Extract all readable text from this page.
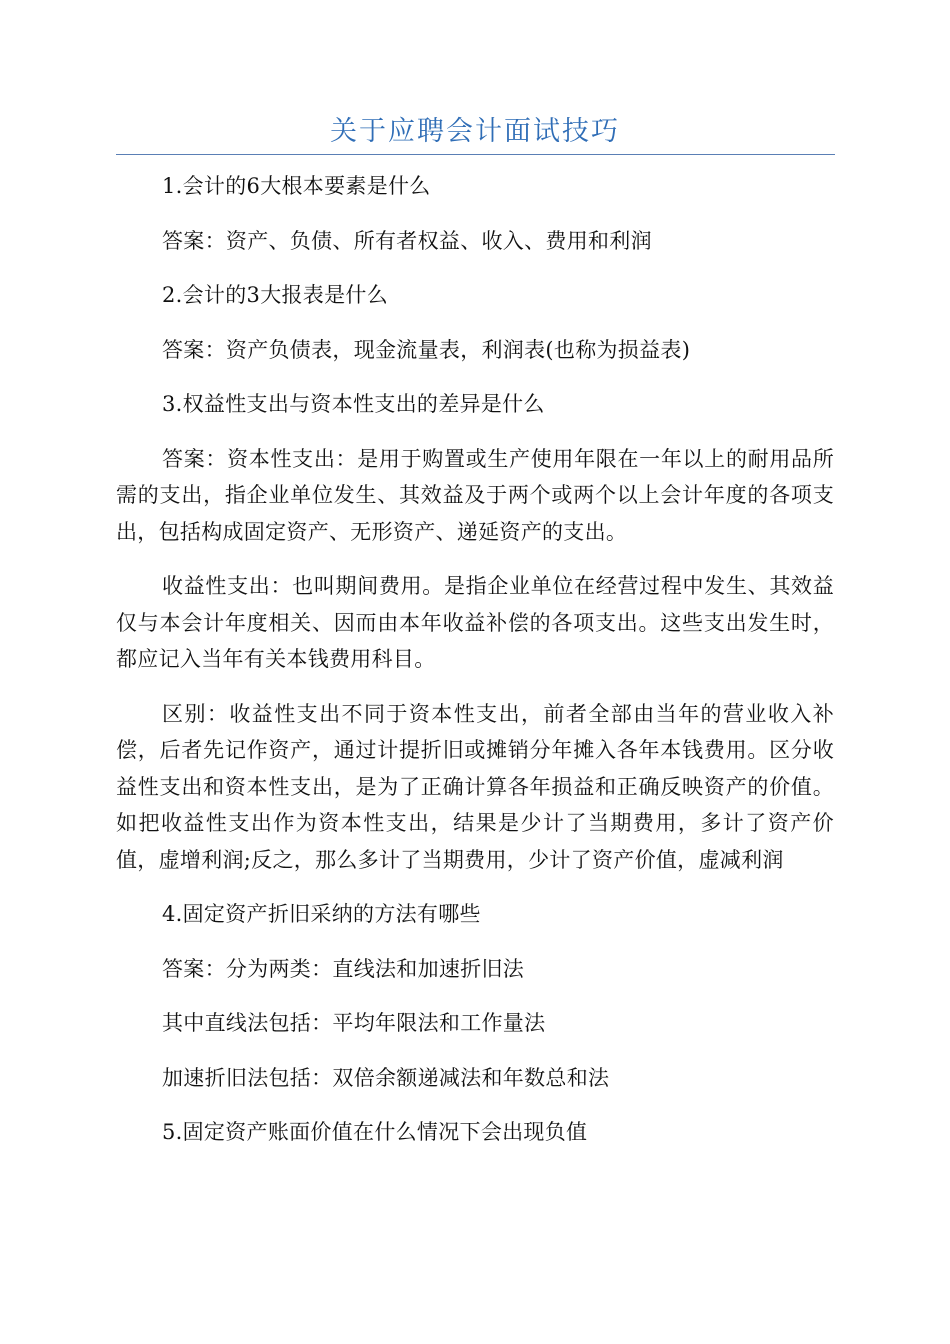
关于应聘会计面试技巧

1.会计的6大根本要素是什么

答案：资产、负债、所有者权益、收入、费用和利润

2.会计的3大报表是什么

答案：资产负债表，现金流量表，利润表(也称为损益表)

3.权益性支出与资本性支出的差异是什么

答案：资本性支出：是用于购置或生产使用年限在一年以上的耐用品所需的支出，指企业单位发生、其效益及于两个或两个以上会计年度的各项支出，包括构成固定资产、无形资产、递延资产的支出。

收益性支出：也叫期间费用。是指企业单位在经营过程中发生、其效益仅与本会计年度相关、因而由本年收益补偿的各项支出。这些支出发生时，都应记入当年有关本钱费用科目。

区别：收益性支出不同于资本性支出，前者全部由当年的营业收入补偿，后者先记作资产，通过计提折旧或摊销分年摊入各年本钱费用。区分收益性支出和资本性支出，是为了正确计算各年损益和正确反映资产的价值。如把收益性支出作为资本性支出，结果是少计了当期费用，多计了资产价值，虚增利润;反之，那么多计了当期费用，少计了资产价值，虚减利润

4.固定资产折旧采纳的方法有哪些

答案：分为两类：直线法和加速折旧法

其中直线法包括：平均年限法和工作量法

加速折旧法包括：双倍余额递减法和年数总和法

5.固定资产账面价值在什么情况下会出现负值
